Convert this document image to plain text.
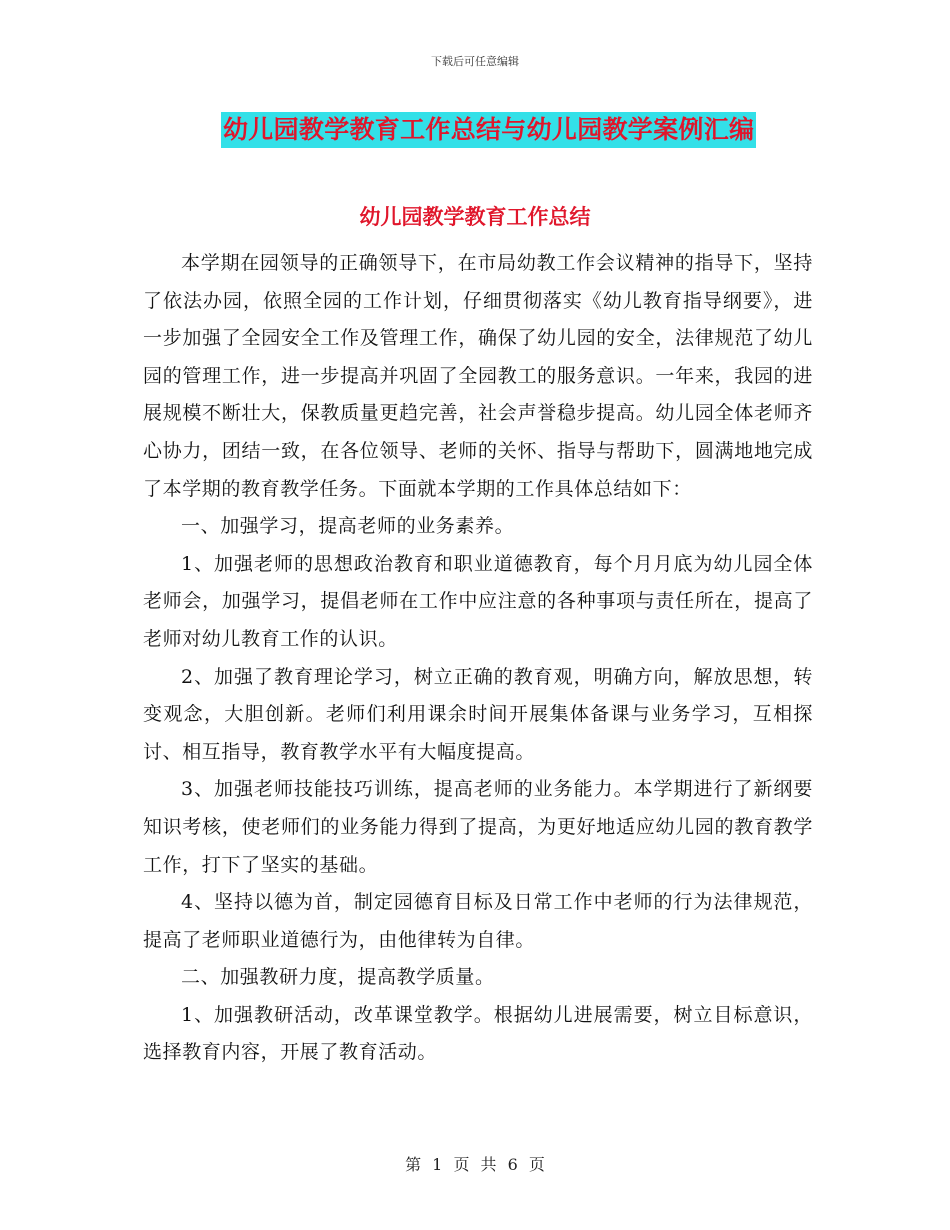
下载后可任意编辑
幼儿园教学教育工作总结与幼儿园教学案例汇编
幼儿园教学教育工作总结

本学期在园领导的正确领导下，在市局幼教工作会议精神的指导下，坚持了依法办园，依照全园的工作计划，仔细贯彻落实《幼儿教育指导纲要》，进一步加强了全园安全工作及管理工作，确保了幼儿园的安全，法律规范了幼儿园的管理工作，进一步提高并巩固了全园教工的服务意识。一年来，我园的进展规模不断壮大，保教质量更趋完善，社会声誉稳步提高。幼儿园全体老师齐心协力，团结一致，在各位领导、老师的关怀、指导与帮助下，圆满地地完成了本学期的教育教学任务。下面就本学期的工作具体总结如下：

一、加强学习，提高老师的业务素养。

1、加强老师的思想政治教育和职业道德教育，每个月月底为幼儿园全体老师会，加强学习，提倡老师在工作中应注意的各种事项与责任所在，提高了老师对幼儿教育工作的认识。

2、加强了教育理论学习，树立正确的教育观，明确方向，解放思想，转变观念，大胆创新。老师们利用课余时间开展集体备课与业务学习，互相探讨、相互指导，教育教学水平有大幅度提高。

3、加强老师技能技巧训练，提高老师的业务能力。本学期进行了新纲要知识考核，使老师们的业务能力得到了提高，为更好地适应幼儿园的教育教学工作，打下了坚实的基础。

4、坚持以德为首，制定园德育目标及日常工作中老师的行为法律规范，提高了老师职业道德行为，由他律转为自律。

二、加强教研力度，提高教学质量。

1、加强教研活动，改革课堂教学。根据幼儿进展需要，树立目标意识，选择教育内容，开展了教育活动。

第 1 页 共 6 页
